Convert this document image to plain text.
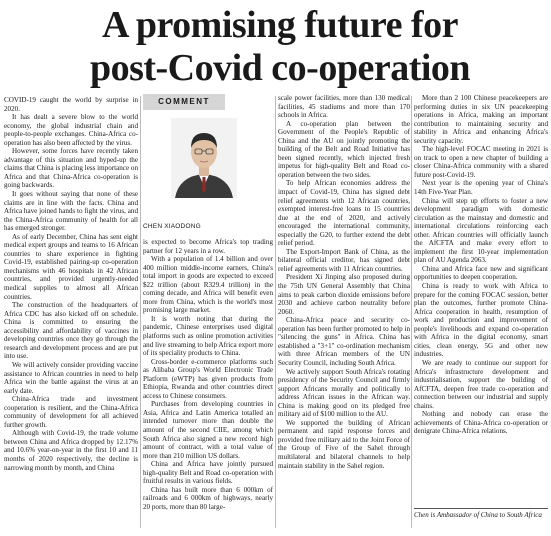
A promising future for
post-Covid co-operation

COVID-19 caught the world by surprise in 2020.

It has dealt a severe blow to the world economy, the global industrial chain and people-to-people exchanges. China-Africa co-operation has also been affected by the virus.

However, some forces have recently taken advantage of this situation and hyped-up the claims that China is placing less importance on Africa and that China-Africa co-operation is going backwards.

It goes without saying that none of these claims are in line with the facts. China and Africa have joined hands to fight the virus, and the China-Africa community of health for all has emerged stronger.

As of early December, China has sent eight medical expert groups and teams to 16 African countries to share experience in fighting Covid-19, established pairing-up co-operation mechanisms with 46 hospitals in 42 African countries, and provided urgently-needed medical supplies to almost all African countries.

The construction of the headquarters of Africa CDC has also kicked off on schedule. China is committed to ensuring the accessibility and affordability of vaccines in developing countries once they go through the research and development process and are put into use.

We will actively consider providing vaccine assistance to African countries in need to help Africa win the battle against the virus at an early date.

China-Africa trade and investment cooperation is resilient, and the China-Africa community of development for all achieved further growth.

Although with Covid-19, the trade volume between China and Africa dropped by 12.17% and 10.6% year-on-year in the first 10 and 11 months of 2020 respectively, the decline is narrowing month by month, and China

COMMENT
CHEN XIAODONG

is expected to become Africa's top trading partner for 12 years in a row.

With a population of 1.4 billion and over 400 million middle-income earners, China's total import in goods are expected to exceed $22 trillion (about R329.4 trillion) in the coming decade, and Africa will benefit even more from China, which is the world's most promising large market.

It is worth noting that during the pandemic, Chinese enterprises used digital platforms such as online promotion activities and live streaming to help Africa export more of its speciality products to China.

Cross-border e-commerce platforms such as Alibaba Group's World Electronic Trade Platform (eWTP) has given products from Ethiopia, Rwanda and other countries direct access to Chinese consumers.

Purchases from developing countries in Asia, Africa and Latin America totalled an intended turnover more than double the amount of the second CIIE, among which South Africa also signed a new record high amount of contract, with a total value of more than 210 million US dollars.

China and Africa have jointly pursued high-quality Belt and Road co-operation with fruitful results in various fields.

China has built more than 6 000km of railroads and 6 000km of highways, nearly 20 ports, more than 80 large-

scale power facilities, more than 130 medical facilities, 45 stadiums and more than 170 schools in Africa.

A co-operation plan between the Government of the People's Republic of China and the AU on jointly promoting the building of the Belt and Road Initiative has been signed recently, which injected fresh impetus for high-quality Belt and Road co-operation between the two sides.

To help African economies address the impact of Covid-19, China has signed debt relief agreements with 12 African countries, exempted interest-free loans to 15 countries due at the end of 2020, and actively encouraged the international community, especially the G20, to further extend the debt relief period.

The Export-Import Bank of China, as the bilateral official creditor, has signed debt relief agreements with 11 African countries.

President Xi Jinping also proposed during the 75th UN General Assembly that China aims to peak carbon dioxide emissions before 2030 and achieve carbon neutrality before 2060.

China-Africa peace and security co-operation has been further promoted to help in "silencing the guns" in Africa. China has established a "3+1" co-ordination mechanism with three African members of the UN Security Council, including South Africa.

We actively support South Africa's rotating presidency of the Security Council and firmly support Africans morally and politically to address African issues in the African way. China is making good on its pledged free military aid of $100 million to the AU.

We supported the building of African permanent and rapid response forces and provided free military aid to the Joint Force of the Group of Five of the Sahel through multilateral and bilateral channels to help maintain stability in the Sahel region.

More than 2 100 Chinese peacekeepers are performing duties in six UN peacekeeping operations in Africa, making an important contribution to maintaining security and stability in Africa and enhancing Africa's security capacity.

The high-level FOCAC meeting in 2021 is on track to open a new chapter of building a closer China-Africa community with a shared future post-Covid-19.

Next year is the opening year of China's 14th Five-Year Plan.

China will step up efforts to foster a new development paradigm with domestic circulation as the mainstay and domestic and international circulations reinforcing each other. African countries will officially launch the AfCFTA and make every effort to implement the first 10-year implementation plan of AU Agenda 2063.

China and Africa face new and significant opportunities to deepen cooperation.

China is ready to work with Africa to prepare for the coming FOCAC session, better plan the outcomes, further promote China-Africa cooperation in health, resumption of work and production and improvement of people's livelihoods and expand co-operation with Africa in the digital economy, smart cities, clean energy, 5G and other new industries.

We are ready to continue our support for Africa's infrastructure development and industrialisation, support the building of AfCFTA, deepen free trade co-operation and connection between our industrial and supply chains.

Nothing and nobody can erase the achievements of China-Africa co-operation or denigrate China-Africa relations.

Chen is Ambassador of China to South Africa
